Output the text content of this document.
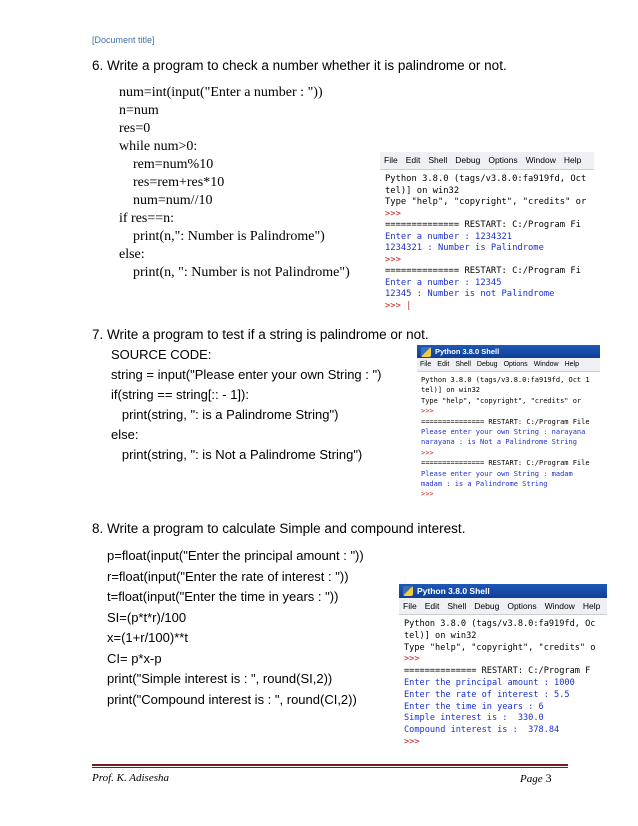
[Document title]
6. Write a program to check a number whether it is palindrome or not.
num=int(input("Enter a number : "))
n=num
res=0
while num>0:
rem=num%10
res=rem+res*10
num=num//10
if res==n:
print(n,": Number is Palindrome")
else:
print(n, ": Number is not Palindrome")
File Edit Shell Debug Options Window Help
Python 3.8.0 (tags/v3.8.0:fa919fd, Oct
tel)] on win32
Type "help", "copyright", "credits" or
>>>
============== RESTART: C:/Program Fi
Enter a number : 1234321
1234321 : Number is Palindrome
>>>
============== RESTART: C:/Program Fi
Enter a number : 12345
12345 : Number is not Palindrome
>>> |
7. Write a program to test if a string is palindrome or not.
SOURCE CODE:
string = input("Please enter your own String : ")
if(string == string[:: - 1]):
print(string, ": is a Palindrome String")
else:
print(string, ": is Not a Palindrome String")
Python 3.8.0 Shell
File Edit Shell Debug Options Window Help
Python 3.8.0 (tags/v3.8.0:fa919fd, Oct 1
tel)] on win32
Type "help", "copyright", "credits" or
>>>
=============== RESTART: C:/Program File
Please enter your own String : narayana
narayana : is Not a Palindrome String
>>>
=============== RESTART: C:/Program File
Please enter your own String : madam
madam : is a Palindrome String
>>>
8. Write a program to calculate Simple and compound interest.
p=float(input("Enter the principal amount : "))
r=float(input("Enter the rate of interest : "))
t=float(input("Enter the time in years : "))
SI=(p*t*r)/100
x=(1+r/100)**t
CI= p*x-p
print("Simple interest is : ", round(SI,2))
print("Compound interest is : ", round(CI,2))
Python 3.8.0 Shell
File Edit Shell Debug Options Window Help
Python 3.8.0 (tags/v3.8.0:fa919fd, Oc
tel)] on win32
Type "help", "copyright", "credits" o
>>>
============== RESTART: C:/Program F
Enter the principal amount : 1000
Enter the rate of interest : 5.5
Enter the time in years : 6
Simple interest is :  330.0
Compound interest is :  378.84
>>>
Prof. K. Adisesha	Page 3
